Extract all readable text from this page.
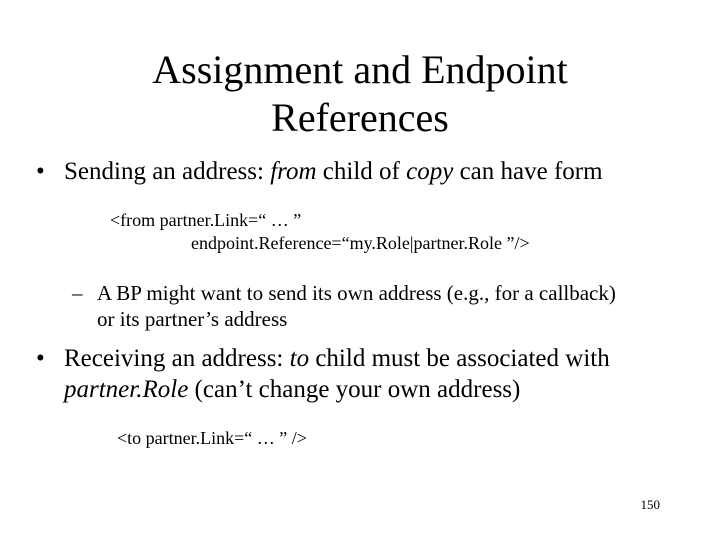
Assignment and Endpoint
References
• Sending an address: from child of copy can have form
<from partner.Link=“ … ”
endpoint.Reference=“my.Role|partner.Role ”/>
– A BP might want to send its own address (e.g., for a callback)
or its partner’s address
• Receiving an address: to child must be associated with
partner.Role (can’t change your own address)
<to partner.Link=“ … ” />
150
